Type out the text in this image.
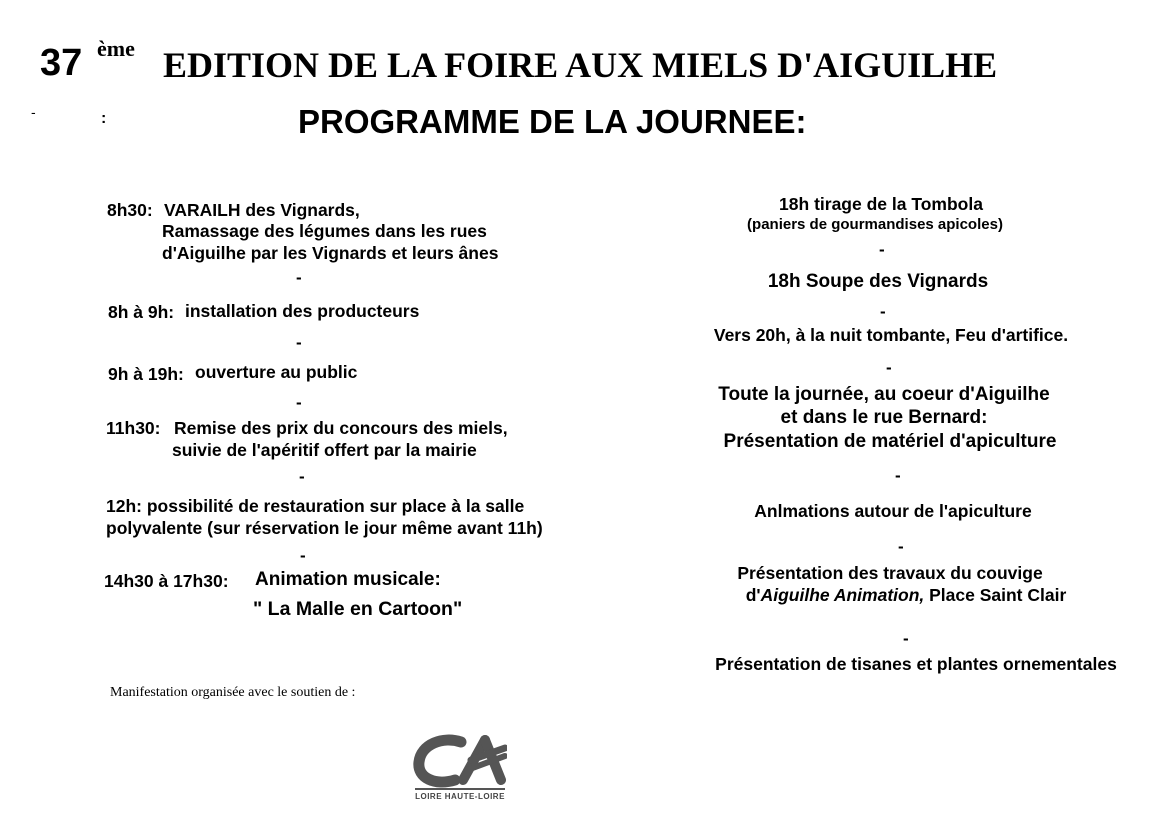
37 ème EDITION DE LA FOIRE AUX MIELS D'AIGUILHE
-	:	PROGRAMME DE LA JOURNEE:
8h30: VARAILH des Vignards,
Ramassage des légumes dans les rues
d'Aiguilhe par les Vignards et leurs ânes
-
8h à 9h: installation des producteurs
-
9h à 19h: ouverture au public
-
11h30: Remise des prix du concours des miels,
suivie de l'apéritif offert par la mairie
-
12h: possibilité de restauration sur place à la salle
polyvalente (sur réservation le jour même avant 11h)
-
14h30 à 17h30: Animation musicale:
" La Malle en Cartoon"
18h tirage de la Tombola
(paniers de gourmandises apicoles)
-
18h Soupe des Vignards
-
Vers 20h, à la nuit tombante, Feu d'artifice.
-
Toute la journée, au coeur d'Aiguilhe
et dans le rue Bernard:
Présentation de matériel d'apiculture
-
Anlmations autour de l'apiculture
-
Présentation des travaux du couvige
d'Aiguilhe Animation, Place Saint Clair
-
Présentation de tisanes et plantes ornementales
Manifestation organisée avec le soutien de :
LOIRE HAUTE-LOIRE
